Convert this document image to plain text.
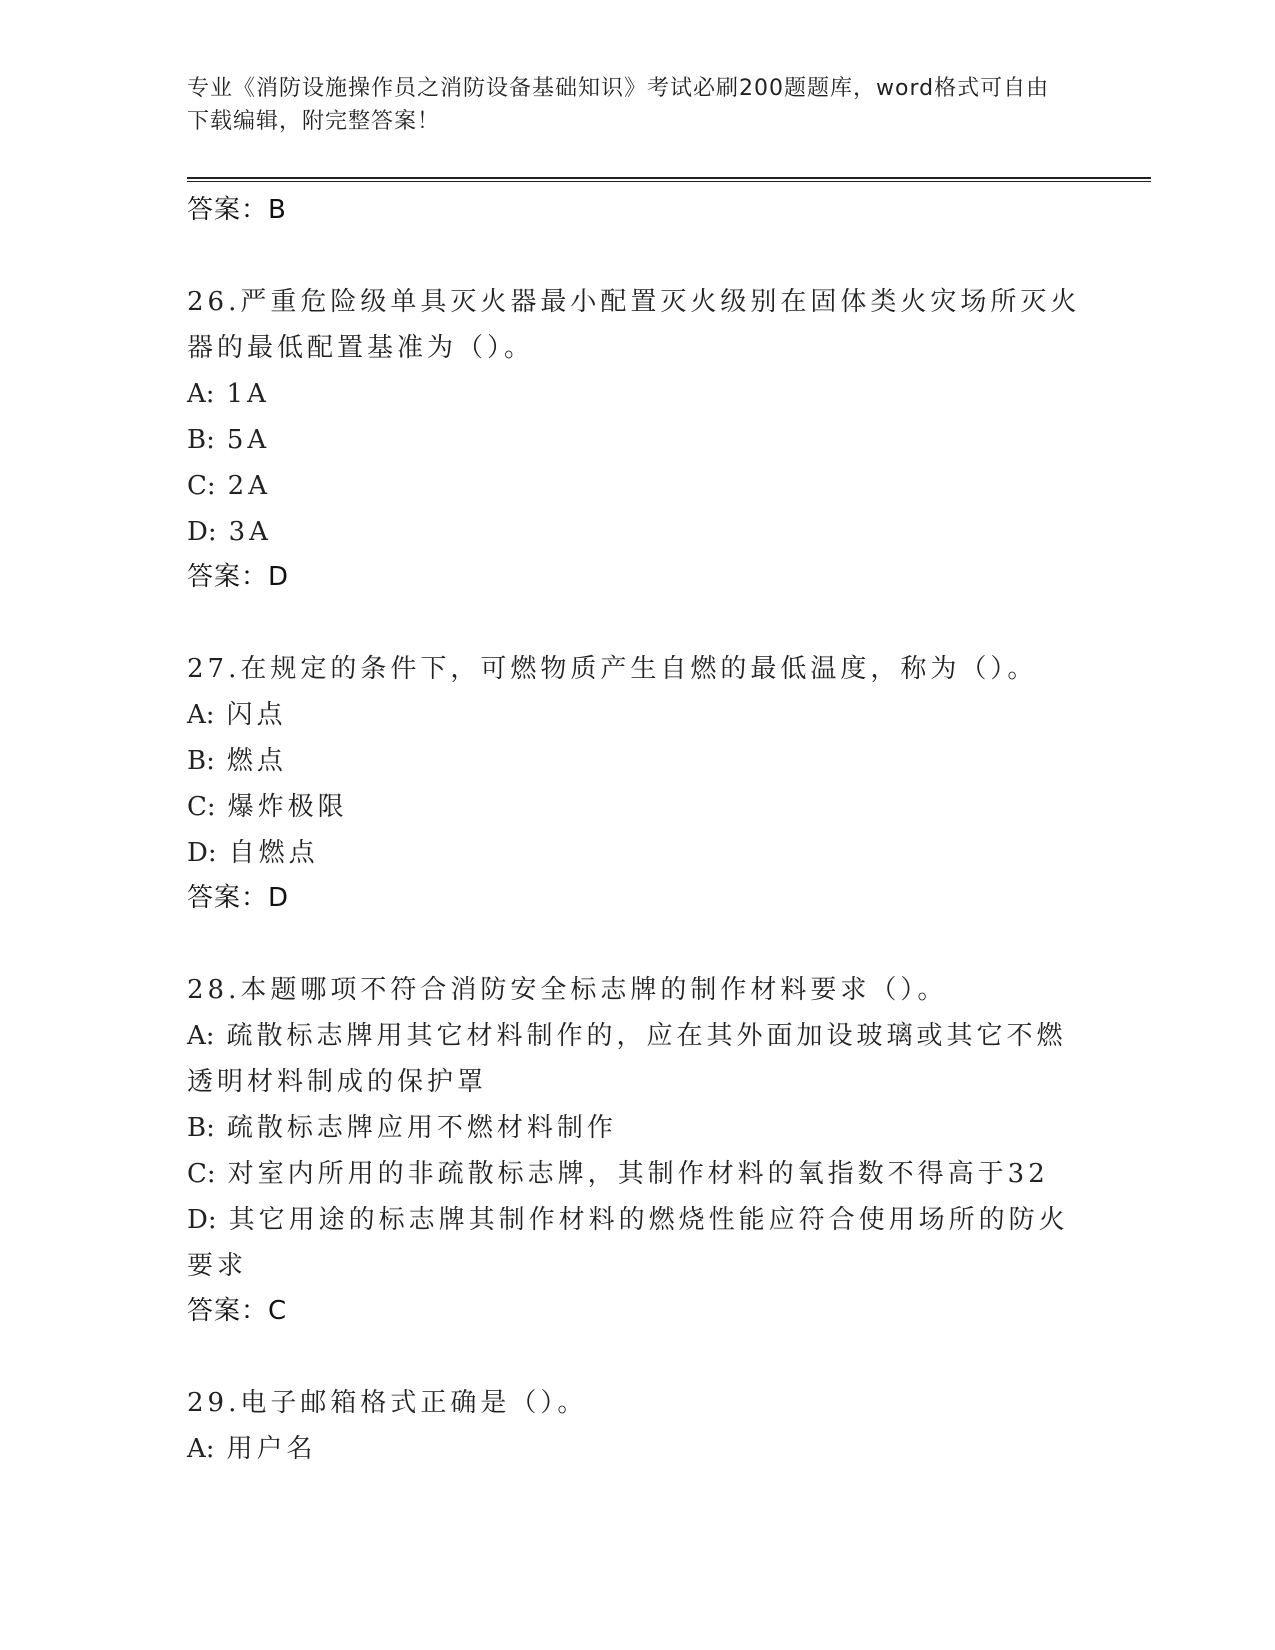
专业《消防设施操作员之消防设备基础知识》考试必刷200题题库，word格式可自由下载编辑，附完整答案！
答案：B
26.严重危险级单具灭火器最小配置灭火级别在固体类火灾场所灭火器的最低配置基准为（）。
A: 1A
B: 5A
C: 2A
D: 3A
答案：D
27.在规定的条件下，可燃物质产生自燃的最低温度，称为（）。
A: 闪点
B: 燃点
C: 爆炸极限
D: 自燃点
答案：D
28.本题哪项不符合消防安全标志牌的制作材料要求（）。
A: 疏散标志牌用其它材料制作的，应在其外面加设玻璃或其它不燃透明材料制成的保护罩
B: 疏散标志牌应用不燃材料制作
C: 对室内所用的非疏散标志牌，其制作材料的氧指数不得高于32
D: 其它用途的标志牌其制作材料的燃烧性能应符合使用场所的防火要求
答案：C
29.电子邮箱格式正确是（）。
A: 用户名
